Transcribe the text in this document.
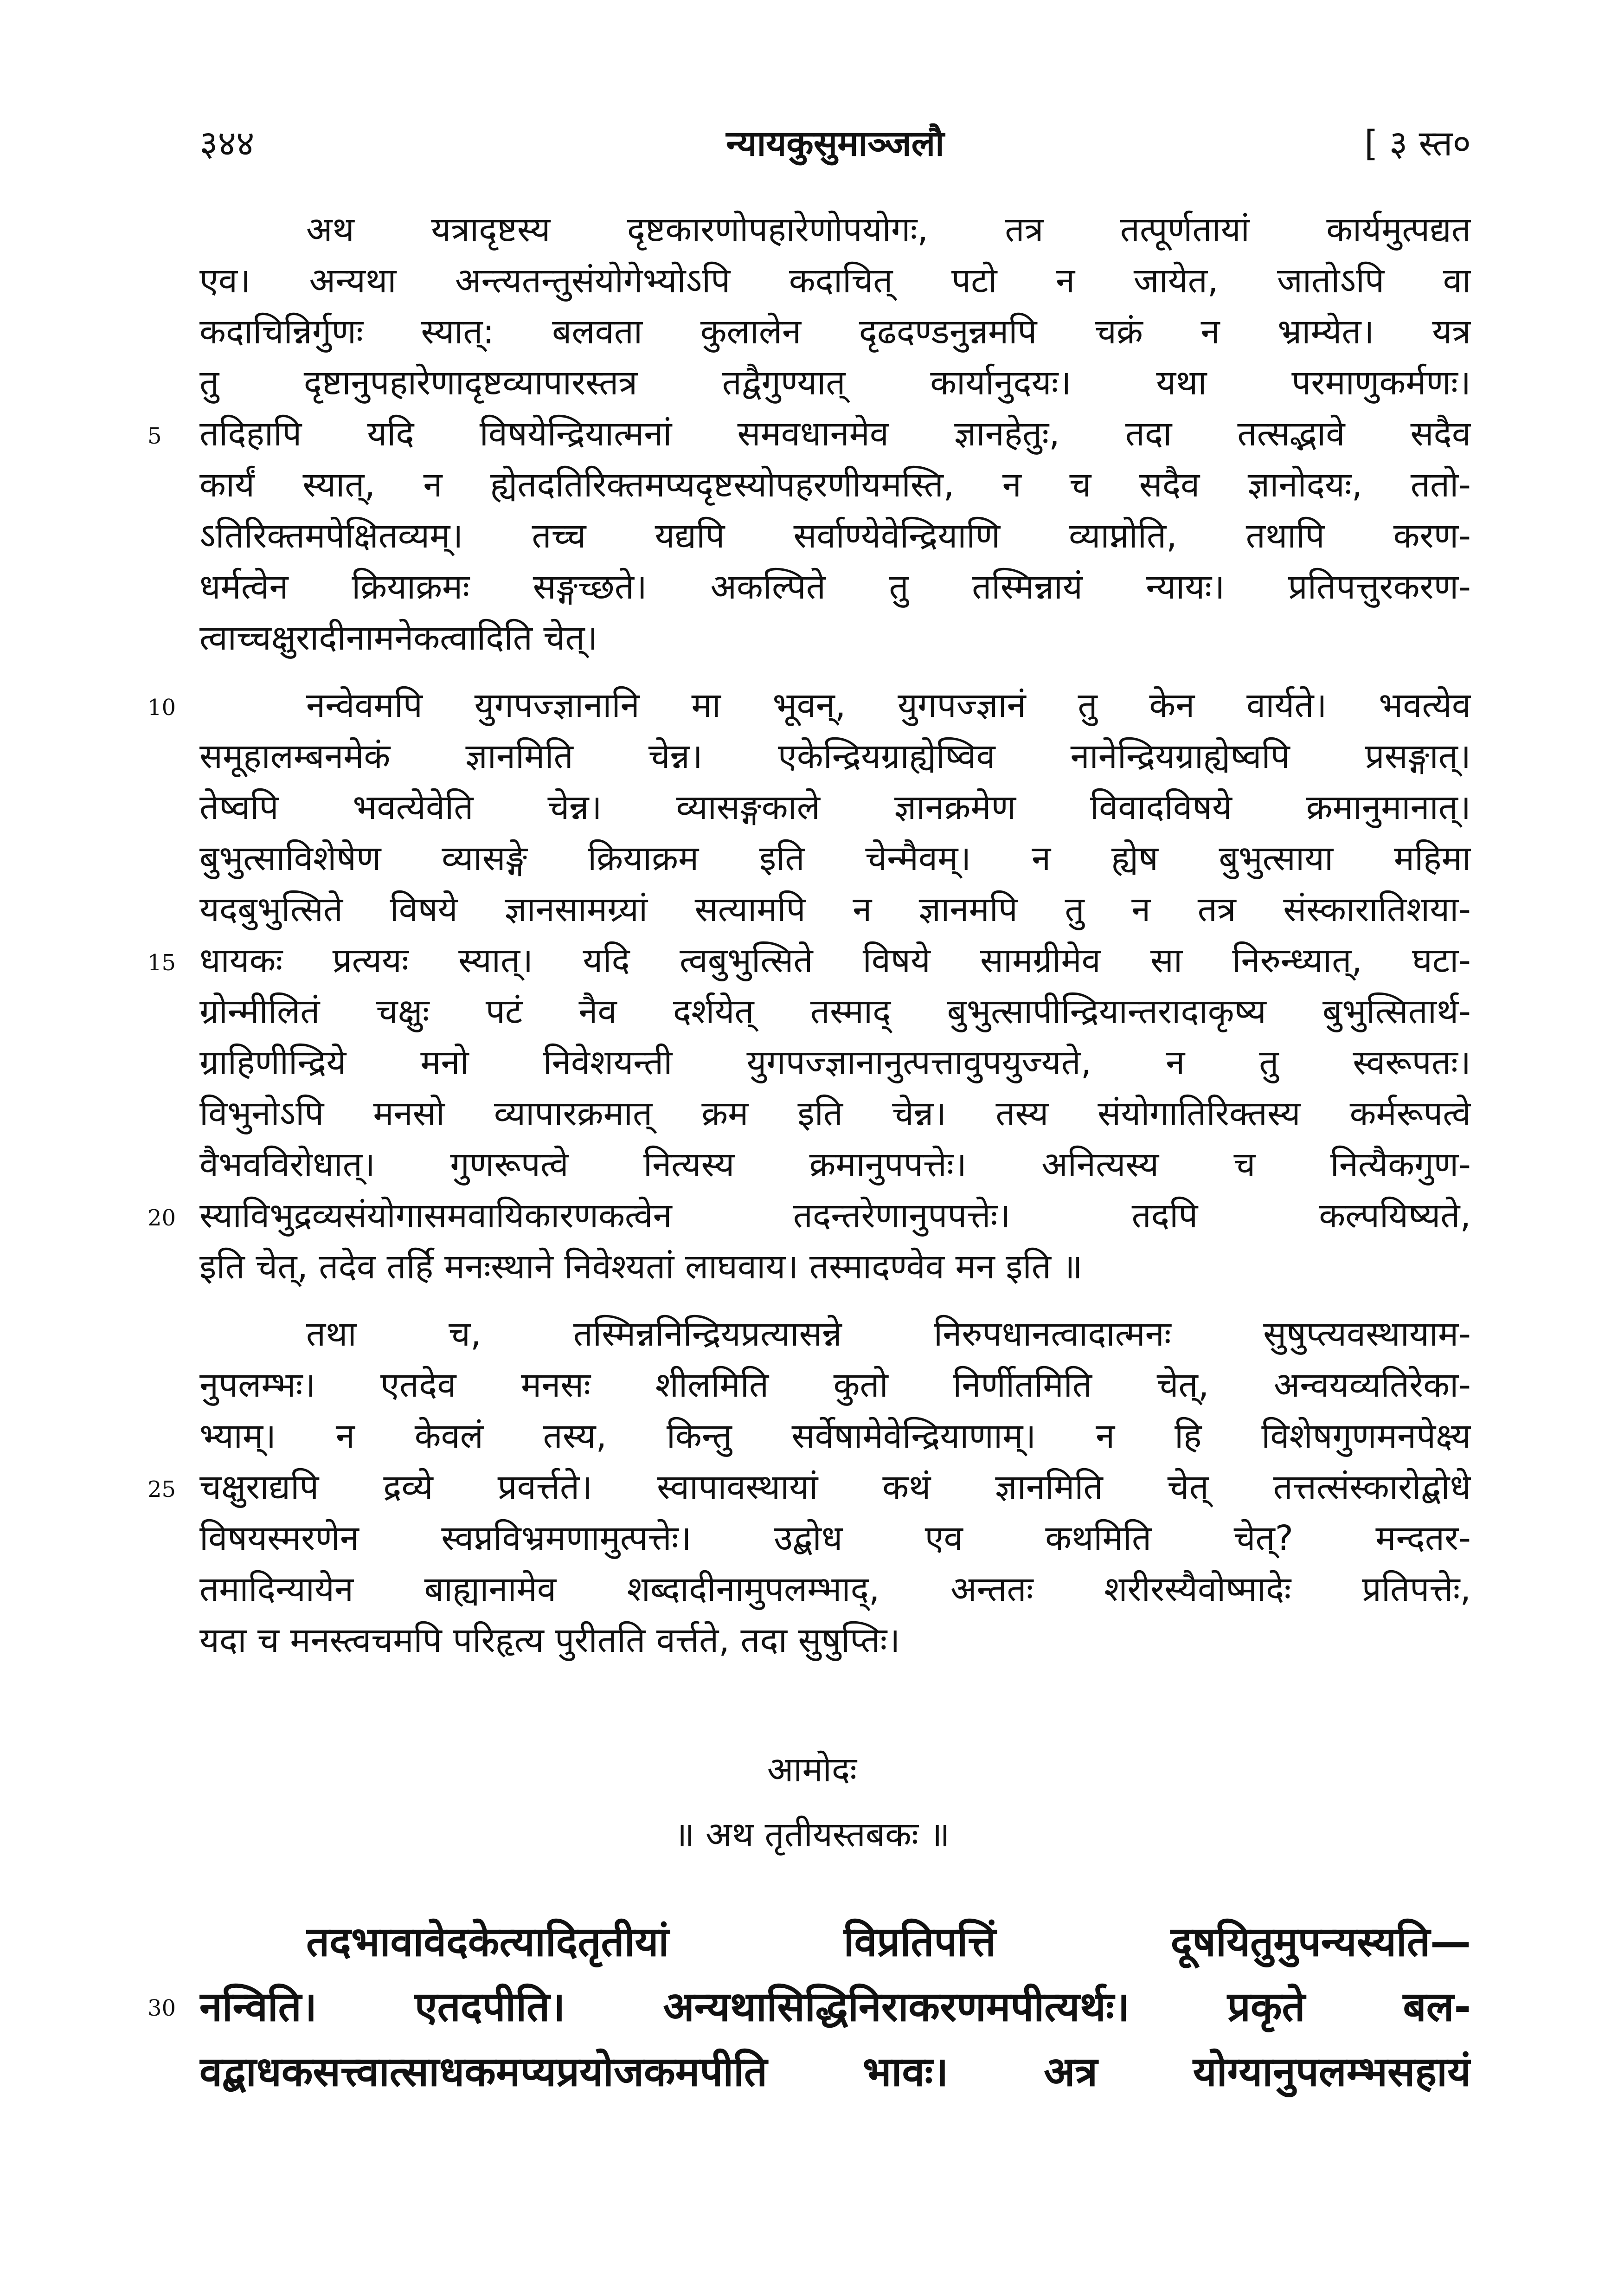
३४४	न्यायकुसुमाञ्जलौ	[ ३ स्त०
अथ यत्रादृष्टस्य दृष्टकारणोपहारेणोपयोगः, तत्र तत्पूर्णतायां कार्यमुत्पद्यत
एव। अन्यथा अन्त्यतन्तुसंयोगेभ्योऽपि कदाचित् पटो न जायेत, जातोऽपि वा
कदाचिन्निर्गुणः स्यात्: बलवता कुलालेन दृढदण्डनुन्नमपि चक्रं न भ्राम्येत। यत्र
तु दृष्टानुपहारेणादृष्टव्यापारस्तत्र तद्वैगुण्यात् कार्यानुदयः। यथा परमाणुकर्मणः।
तदिहापि यदि विषयेन्द्रियात्मनां समवधानमेव ज्ञानहेतुः, तदा तत्सद्भावे सदैव
कार्यं स्यात्, न ह्येतदतिरिक्तमप्यदृष्टस्योपहरणीयमस्ति, न च सदैव ज्ञानोदयः, ततो-
ऽतिरिक्तमपेक्षितव्यम्। तच्च यद्यपि सर्वाण्येवेन्द्रियाणि व्याप्नोति, तथापि करण-
धर्मत्वेन क्रियाक्रमः सङ्गच्छते। अकल्पिते तु तस्मिन्नायं न्यायः। प्रतिपत्तुरकरण-
त्वाच्चक्षुरादीनामनेकत्वादिति चेत्।
नन्वेवमपि युगपज्ज्ञानानि मा भूवन्, युगपज्ज्ञानं तु केन वार्यते। भवत्येव
समूहालम्बनमेकं ज्ञानमिति चेन्न। एकेन्द्रियग्राह्येष्विव नानेन्द्रियग्राह्येष्वपि प्रसङ्गात्।
तेष्वपि भवत्येवेति चेन्न। व्यासङ्गकाले ज्ञानक्रमेण विवादविषये क्रमानुमानात्।
बुभुत्साविशेषेण व्यासङ्गे क्रियाक्रम इति चेन्मैवम्। न ह्येष बुभुत्साया महिमा
यदबुभुत्सिते विषये ज्ञानसामग्र्यां सत्यामपि न ज्ञानमपि तु न तत्र संस्कारातिशया-
धायकः प्रत्ययः स्यात्। यदि त्वबुभुत्सिते विषये सामग्रीमेव सा निरुन्ध्यात्, घटा-
ग्रोन्मीलितं चक्षुः पटं नैव दर्शयेत् तस्माद् बुभुत्सापीन्द्रियान्तरादाकृष्य बुभुत्सितार्थ-
ग्राहिणीन्द्रिये मनो निवेशयन्ती युगपज्ज्ञानानुत्पत्तावुपयुज्यते, न तु स्वरूपतः।
विभुनोऽपि मनसो व्यापारक्रमात् क्रम इति चेन्न। तस्य संयोगातिरिक्तस्य कर्मरूपत्वे
वैभवविरोधात्। गुणरूपत्वे नित्यस्य क्रमानुपपत्तेः। अनित्यस्य च नित्यैकगुण-
स्याविभुद्रव्यसंयोगासमवायिकारणकत्वेन तदन्तरेणानुपपत्तेः। तदपि कल्पयिष्यते,
इति चेत्, तदेव तर्हि मनःस्थाने निवेश्यतां लाघवाय। तस्मादण्वेव मन इति ॥
तथा च, तस्मिन्ननिन्द्रियप्रत्यासन्ने निरुपधानत्वादात्मनः सुषुप्त्यवस्थायाम-
नुपलम्भः। एतदेव मनसः शीलमिति कुतो निर्णीतमिति चेत्, अन्वयव्यतिरेका-
भ्याम्। न केवलं तस्य, किन्तु सर्वेषामेवेन्द्रियाणाम्। न हि विशेषगुणमनपेक्ष्य
चक्षुराद्यपि द्रव्ये प्रवर्त्तते। स्वापावस्थायां कथं ज्ञानमिति चेत् तत्तत्संस्कारोद्बोधे
विषयस्मरणेन स्वप्नविभ्रमणामुत्पत्तेः। उद्बोध एव कथमिति चेत्? मन्दतर-
तमादिन्यायेन बाह्यानामेव शब्दादीनामुपलम्भाद्, अन्ततः शरीरस्यैवोष्मादेः प्रतिपत्तेः,
यदा च मनस्त्वचमपि परिहृत्य पुरीतति वर्त्तते, तदा सुषुप्तिः।
आमोदः
॥ अथ तृतीयस्तबकः ॥
तदभावावेदकेत्यादितृतीयां विप्रतिपत्तिं दूषयितुमुपन्यस्यति—
नन्विति। एतदपीति। अन्यथासिद्धिनिराकरणमपीत्यर्थः। प्रकृते बल-
वद्बाधकसत्त्वात्साधकमप्यप्रयोजकमपीति भावः। अत्र योग्यानुपलम्भसहायं
5
10
15
20
25
30
